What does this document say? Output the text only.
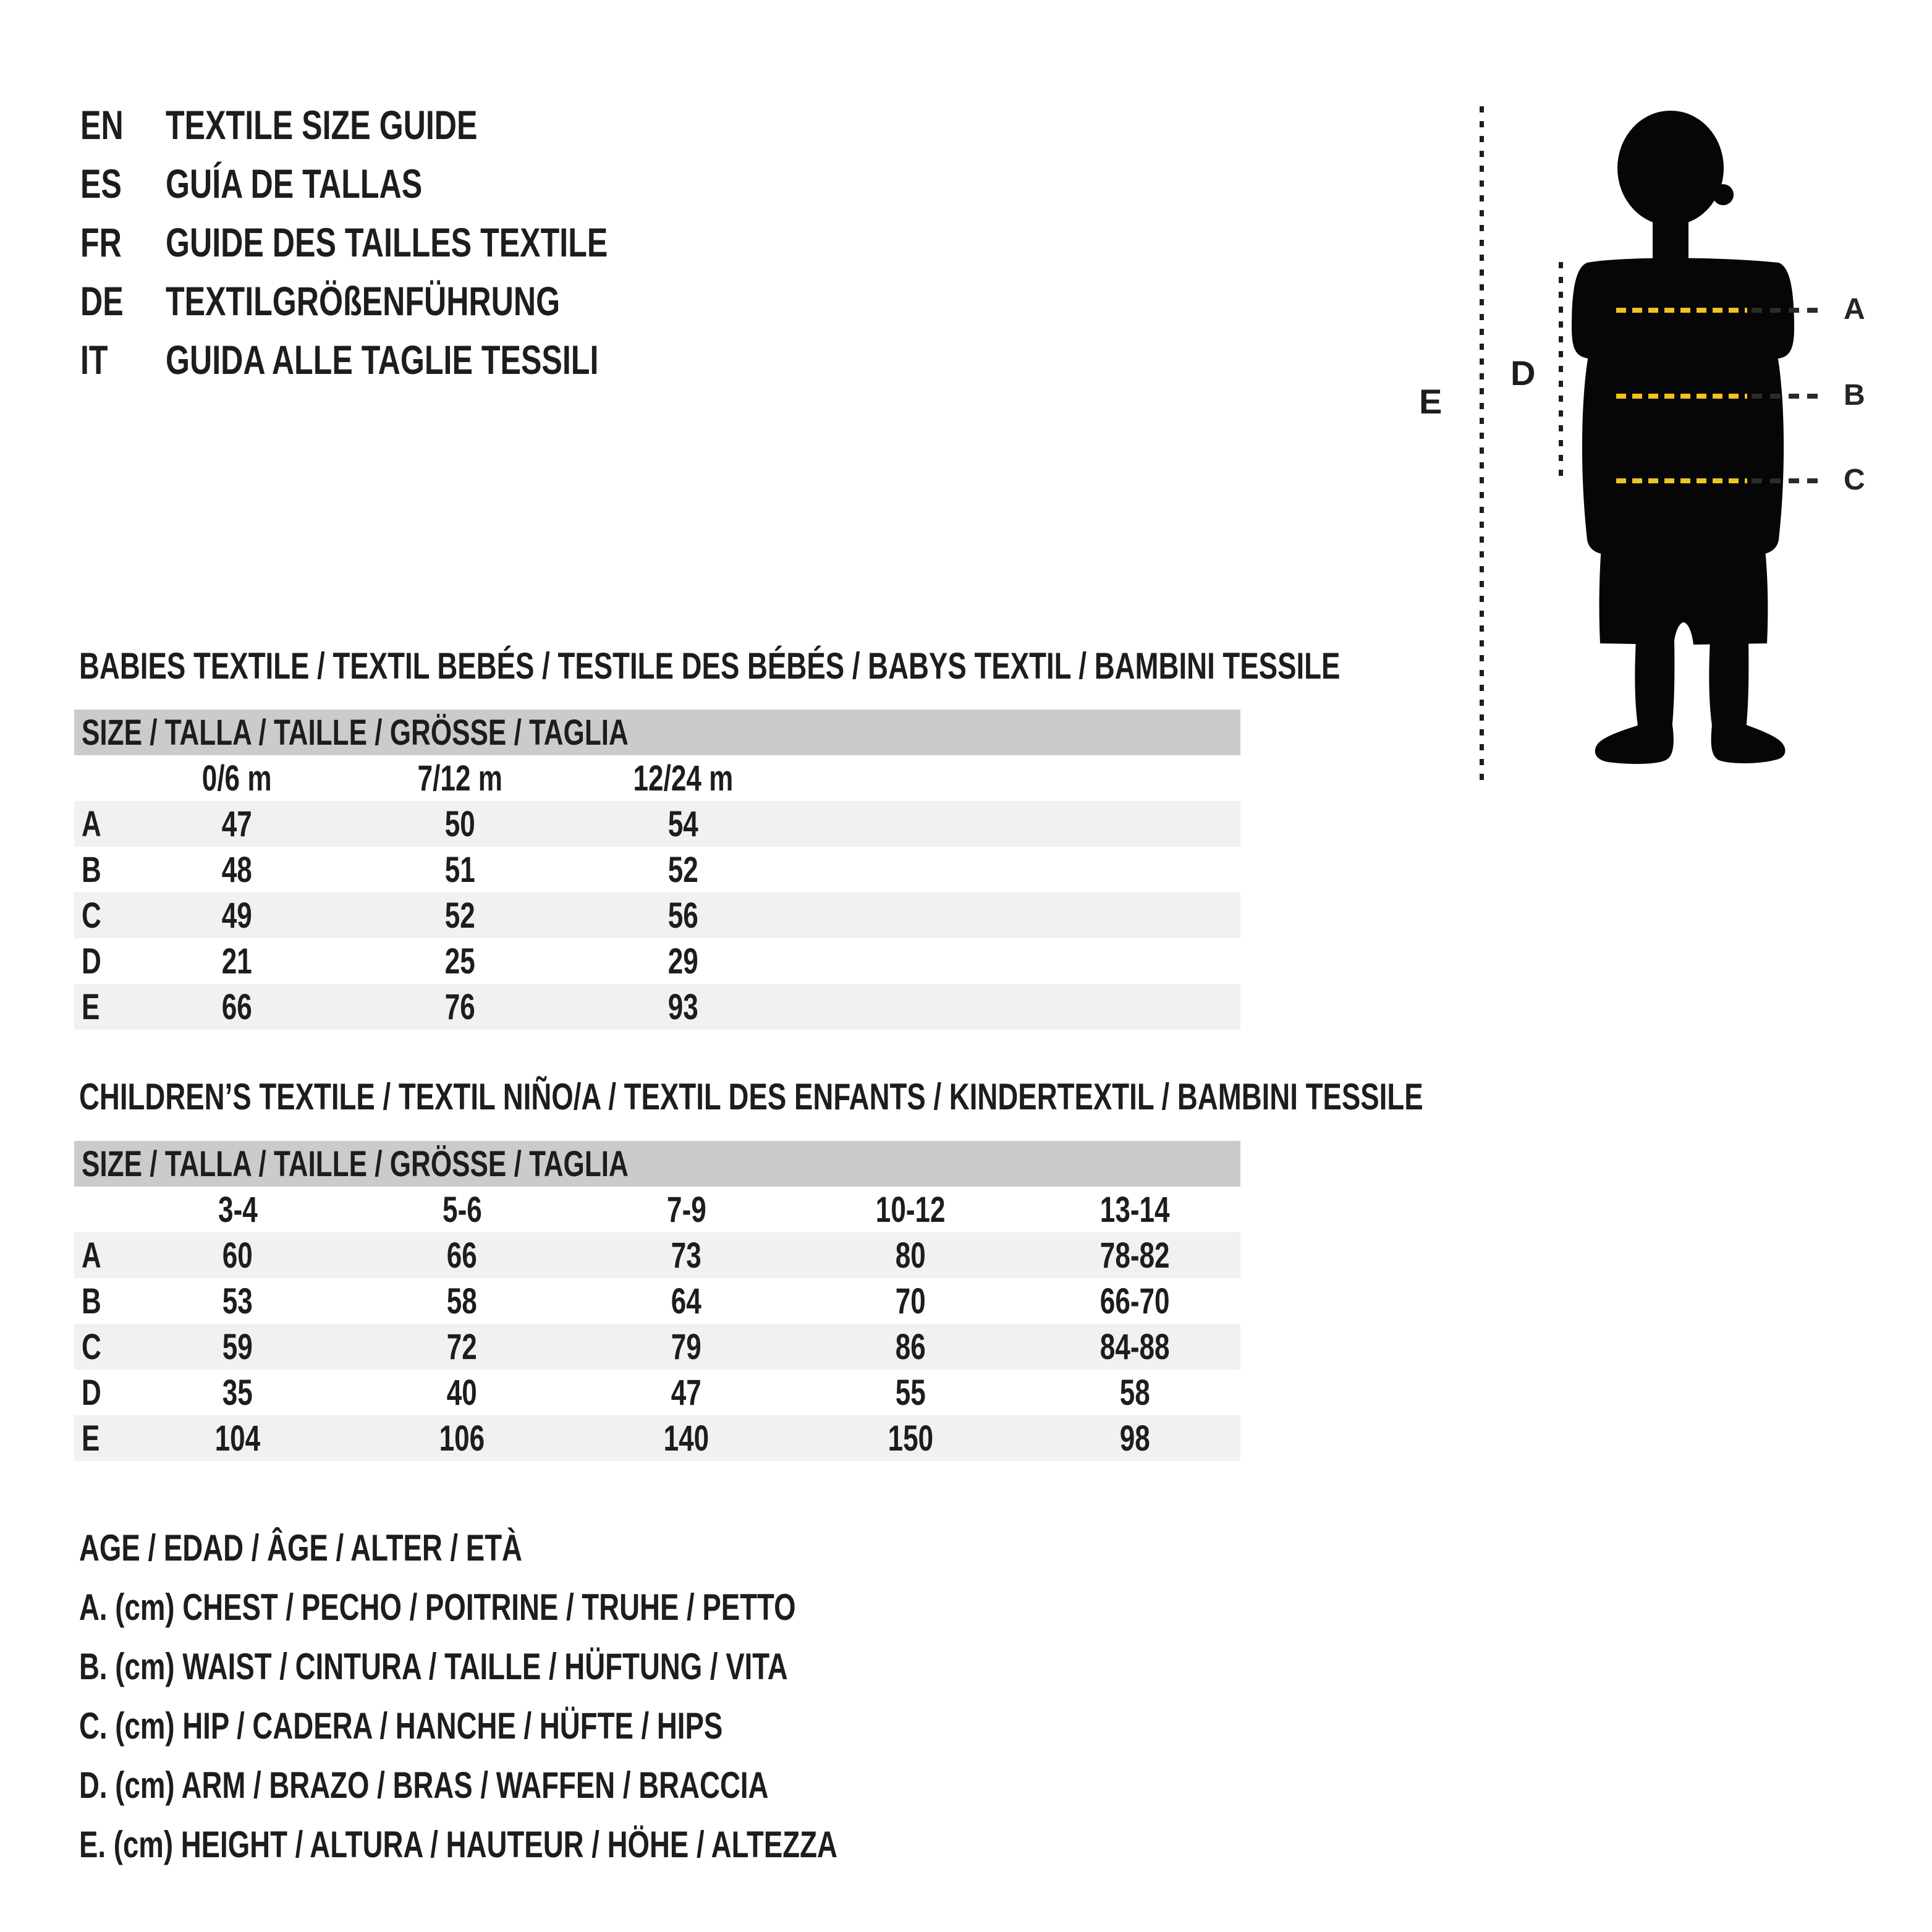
EN	TEXTILE SIZE GUIDE
ES	GUÍA DE TALLAS
FR	GUIDE DES TAILLES TEXTILE
DE	TEXTILGRÖßENFÜHRUNG
IT	GUIDA ALLE TAGLIE TESSILI
E
D
A
B
C
BABIES TEXTILE / TEXTIL BEBÉS / TESTILE DES BÉBÉS / BABYS TEXTIL / BAMBINI TESSILE
SIZE / TALLA / TAILLE / GRÖSSE / TAGLIA
0/6 m	7/12 m	12/24 m
A	47	50	54
B	48	51	52
C	49	52	56
D	21	25	29
E	66	76	93
CHILDREN’S TEXTILE / TEXTIL NIÑO/A / TEXTIL DES ENFANTS / KINDERTEXTIL / BAMBINI TESSILE
SIZE / TALLA / TAILLE / GRÖSSE / TAGLIA
3-4	5-6	7-9	10-12	13-14
A	60	66	73	80	78-82
B	53	58	64	70	66-70
C	59	72	79	86	84-88
D	35	40	47	55	58
E	104	106	140	150	98
AGE / EDAD / ÂGE / ALTER / ETÀ
A. (cm) CHEST / PECHO / POITRINE / TRUHE / PETTO
B. (cm) WAIST / CINTURA / TAILLE / HÜFTUNG / VITA
C. (cm) HIP / CADERA / HANCHE / HÜFTE / HIPS
D. (cm) ARM / BRAZO / BRAS / WAFFEN / BRACCIA
E. (cm) HEIGHT / ALTURA / HAUTEUR / HÖHE / ALTEZZA
